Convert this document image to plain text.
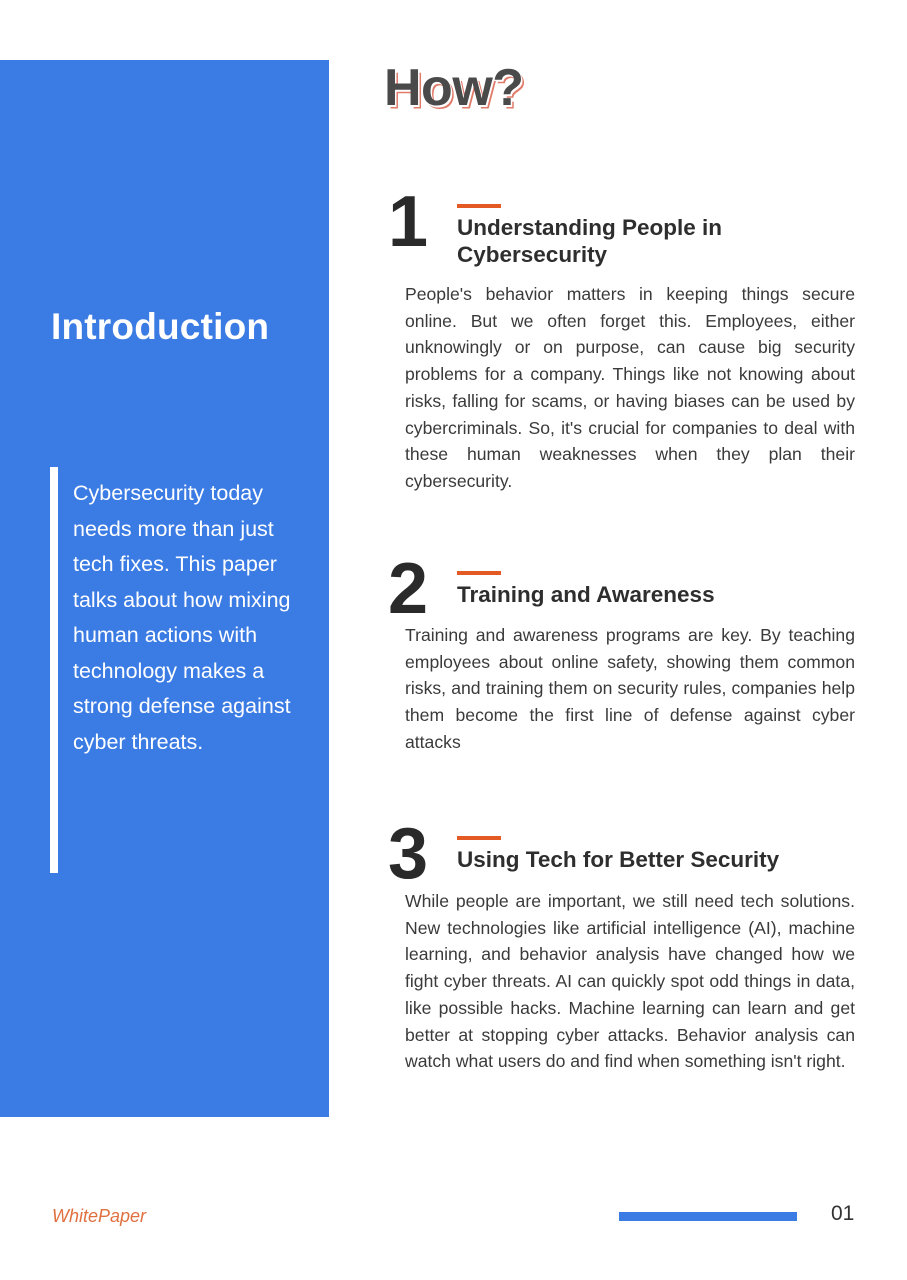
Introduction

Cybersecurity today needs more than just tech fixes. This paper talks about how mixing human actions with technology makes a strong defense against cyber threats.

How?
1 Understanding People in Cybersecurity

People's behavior matters in keeping things secure online. But we often forget this. Employees, either unknowingly or on purpose, can cause big security problems for a company. Things like not knowing about risks, falling for scams, or having biases can be used by cybercriminals. So, it's crucial for companies to deal with these human weaknesses when they plan their cybersecurity.

2 Training and Awareness

Training and awareness programs are key. By teaching employees about online safety, showing them common risks, and training them on security rules, companies help them become the first line of defense against cyber attacks

3 Using Tech for Better Security

While people are important, we still need tech solutions. New technologies like artificial intelligence (AI), machine learning, and behavior analysis have changed how we fight cyber threats. AI can quickly spot odd things in data, like possible hacks. Machine learning can learn and get better at stopping cyber attacks. Behavior analysis can watch what users do and find when something isn't right.

WhitePaper	01
